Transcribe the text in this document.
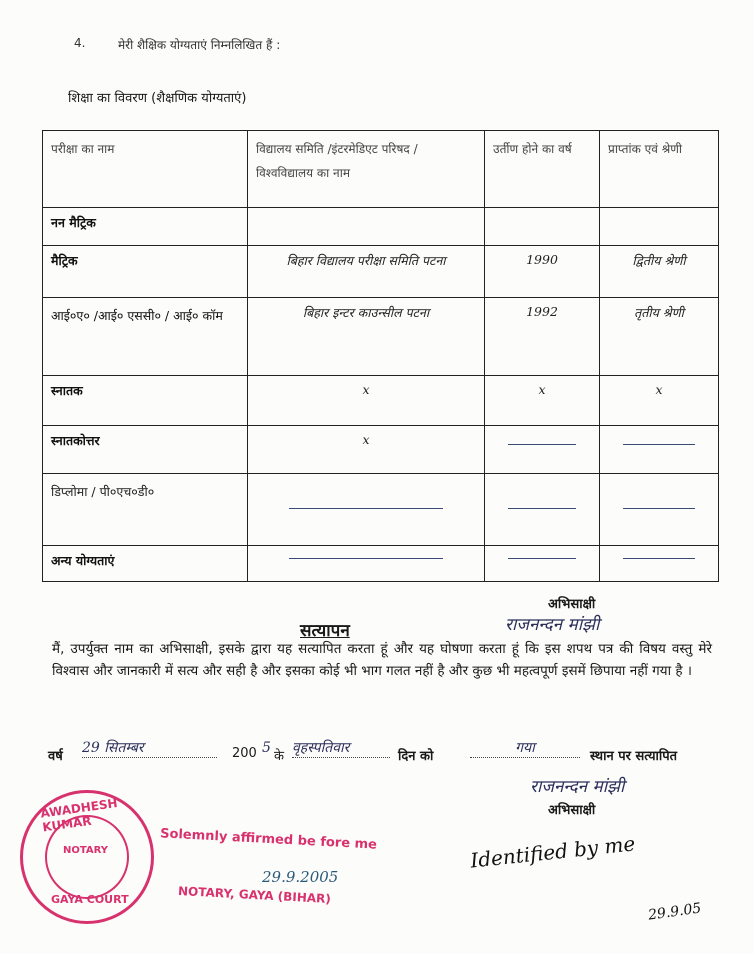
4.	मेरी शैक्षिक योग्यताएं निम्नलिखित हैं :
शिक्षा का विवरण (शैक्षणिक योग्यताएं)
परीक्षा का नाम	विद्यालय समिति /इंटरमेडिएट परिषद / विश्वविद्यालय का नाम	उर्तीण होने का वर्ष	प्राप्तांक एवं श्रेणी
नन मैट्रिक			
मैट्रिक	बिहार विद्यालय परीक्षा समिति पटना	1990	द्वितीय श्रेणी
आई०ए० /आई० एससी० / आई० कॉम	बिहार इन्टर काउन्सील पटना	1992	तृतीय श्रेणी
स्नातक	x	x	x
स्नातकोत्तर	x	

डिप्लोमा / पी०एच०डी०	

अन्य योग्यताएं	

अभिसाक्षी
राजनन्दन मांझी
सत्यापन
मैं, उपर्युक्त नाम का अभिसाक्षी, इसके द्वारा यह सत्यापित करता हूं और यह घोषणा करता हूं कि इस शपथ पत्र की विषय वस्तु मेरे विश्वास और जानकारी में सत्य और सही है और इसका कोई भी भाग गलत नहीं है और कुछ भी महत्वपूर्ण इसमें छिपाया नहीं गया है ।
वर्ष
29 सितम्बर	200 5
के
वृहस्पतिवार
दिन को
गया
स्थान पर सत्यापित
राजनन्दन मांझी
अभिसाक्षी
AWADHESH KUMAR
NOTARY
GAYA COURT
Solemnly affirmed be fore me
29.9.2005
NOTARY, GAYA (BIHAR)
Identified by me
29.9.05
